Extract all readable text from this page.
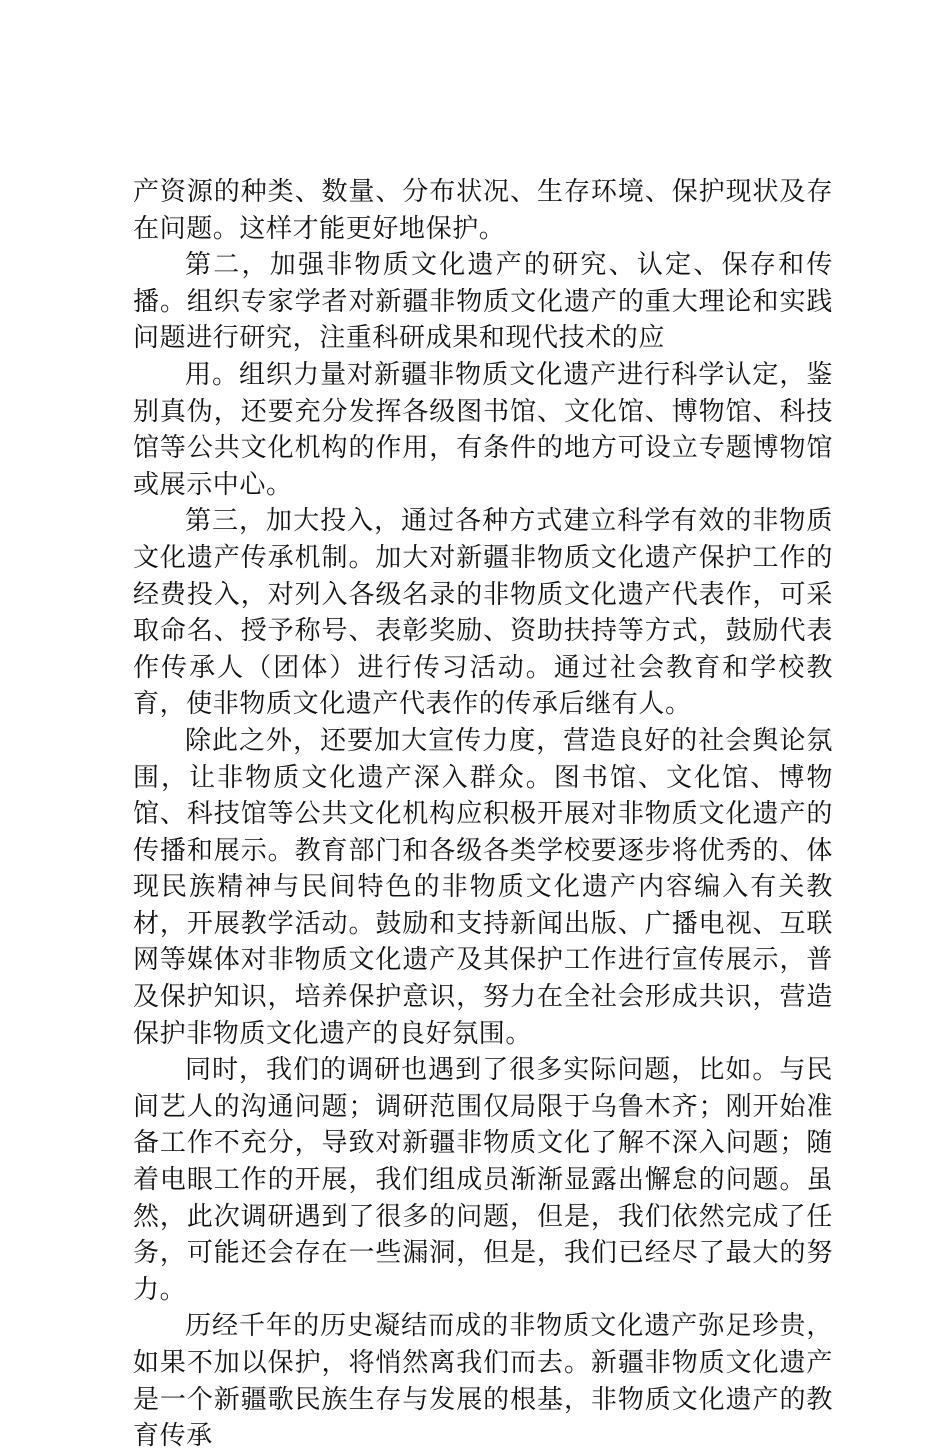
产资源的种类、数量、分布状况、生存环境、保护现状及存在问题。这样才能更好地保护。

第二，加强非物质文化遗产的研究、认定、保存和传播。组织专家学者对新疆非物质文化遗产的重大理论和实践问题进行研究，注重科研成果和现代技术的应

用。组织力量对新疆非物质文化遗产进行科学认定，鉴别真伪，还要充分发挥各级图书馆、文化馆、博物馆、科技馆等公共文化机构的作用，有条件的地方可设立专题博物馆或展示中心。

第三，加大投入，通过各种方式建立科学有效的非物质文化遗产传承机制。加大对新疆非物质文化遗产保护工作的经费投入，对列入各级名录的非物质文化遗产代表作，可采取命名、授予称号、表彰奖励、资助扶持等方式，鼓励代表作传承人（团体）进行传习活动。通过社会教育和学校教育，使非物质文化遗产代表作的传承后继有人。

除此之外，还要加大宣传力度，营造良好的社会舆论氛围，让非物质文化遗产深入群众。图书馆、文化馆、博物馆、科技馆等公共文化机构应积极开展对非物质文化遗产的传播和展示。教育部门和各级各类学校要逐步将优秀的、体现民族精神与民间特色的非物质文化遗产内容编入有关教材，开展教学活动。鼓励和支持新闻出版、广播电视、互联网等媒体对非物质文化遗产及其保护工作进行宣传展示，普及保护知识，培养保护意识，努力在全社会形成共识，营造保护非物质文化遗产的良好氛围。

同时，我们的调研也遇到了很多实际问题，比如。与民间艺人的沟通问题；调研范围仅局限于乌鲁木齐；刚开始准备工作不充分，导致对新疆非物质文化了解不深入问题；随着电眼工作的开展，我们组成员渐渐显露出懈怠的问题。虽然，此次调研遇到了很多的问题，但是，我们依然完成了任务，可能还会存在一些漏洞，但是，我们已经尽了最大的努力。

历经千年的历史凝结而成的非物质文化遗产弥足珍贵，如果不加以保护，将悄然离我们而去。新疆非物质文化遗产是一个新疆歌民族生存与发展的根基，非物质文化遗产的教育传承
